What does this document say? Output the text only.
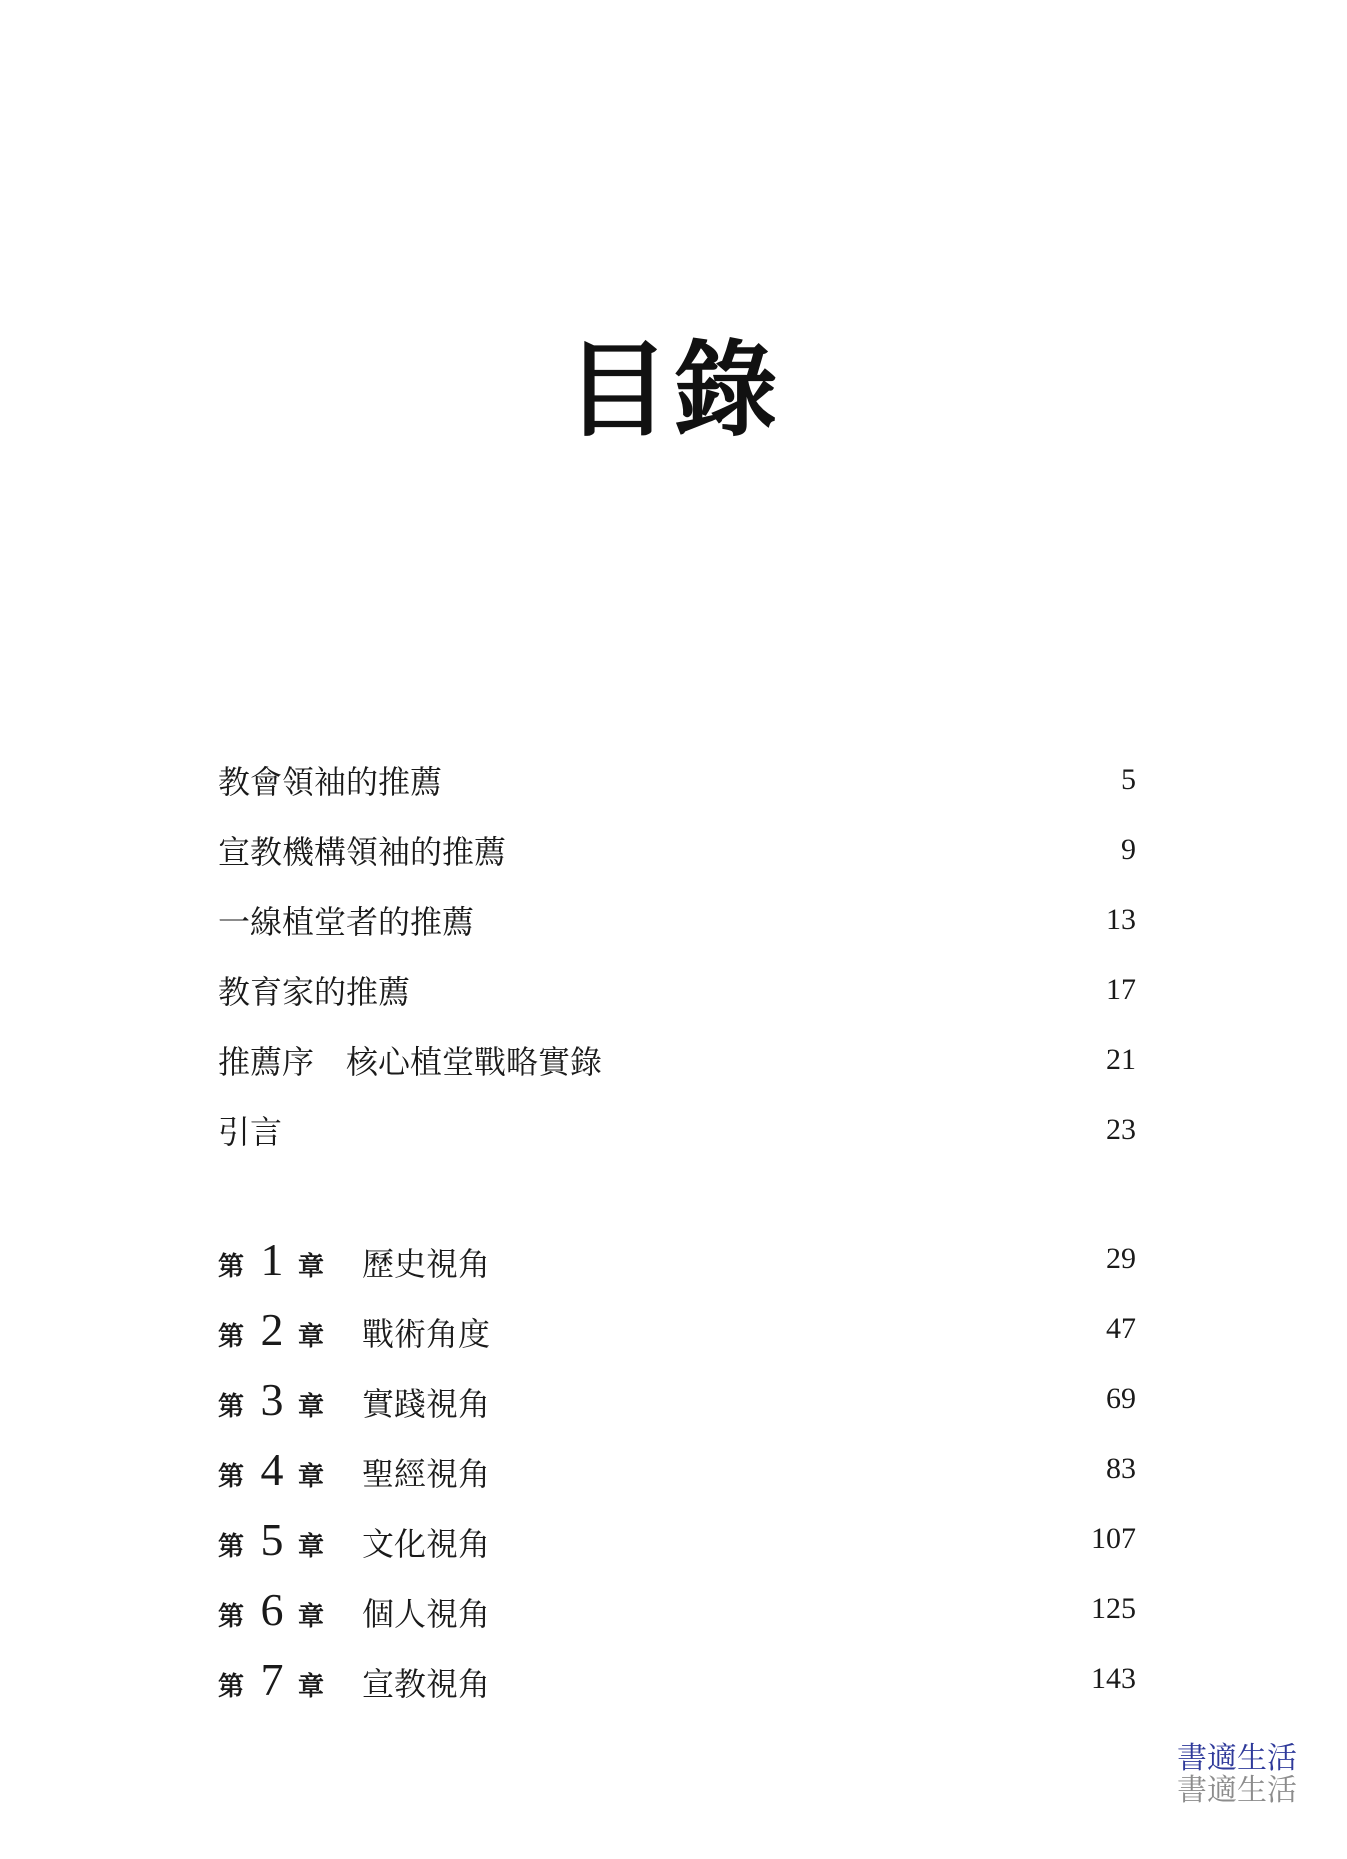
目錄
教會領袖的推薦	5
宣教機構領袖的推薦	9
一線植堂者的推薦	13
教育家的推薦	17
推薦序　核心植堂戰略實錄	21
引言	23
第 1 章 歷史視角	29
第 2 章 戰術角度	47
第 3 章 實踐視角	69
第 4 章 聖經視角	83
第 5 章 文化視角	107
第 6 章 個人視角	125
第 7 章 宣教視角	143
書適生活
書適生活
